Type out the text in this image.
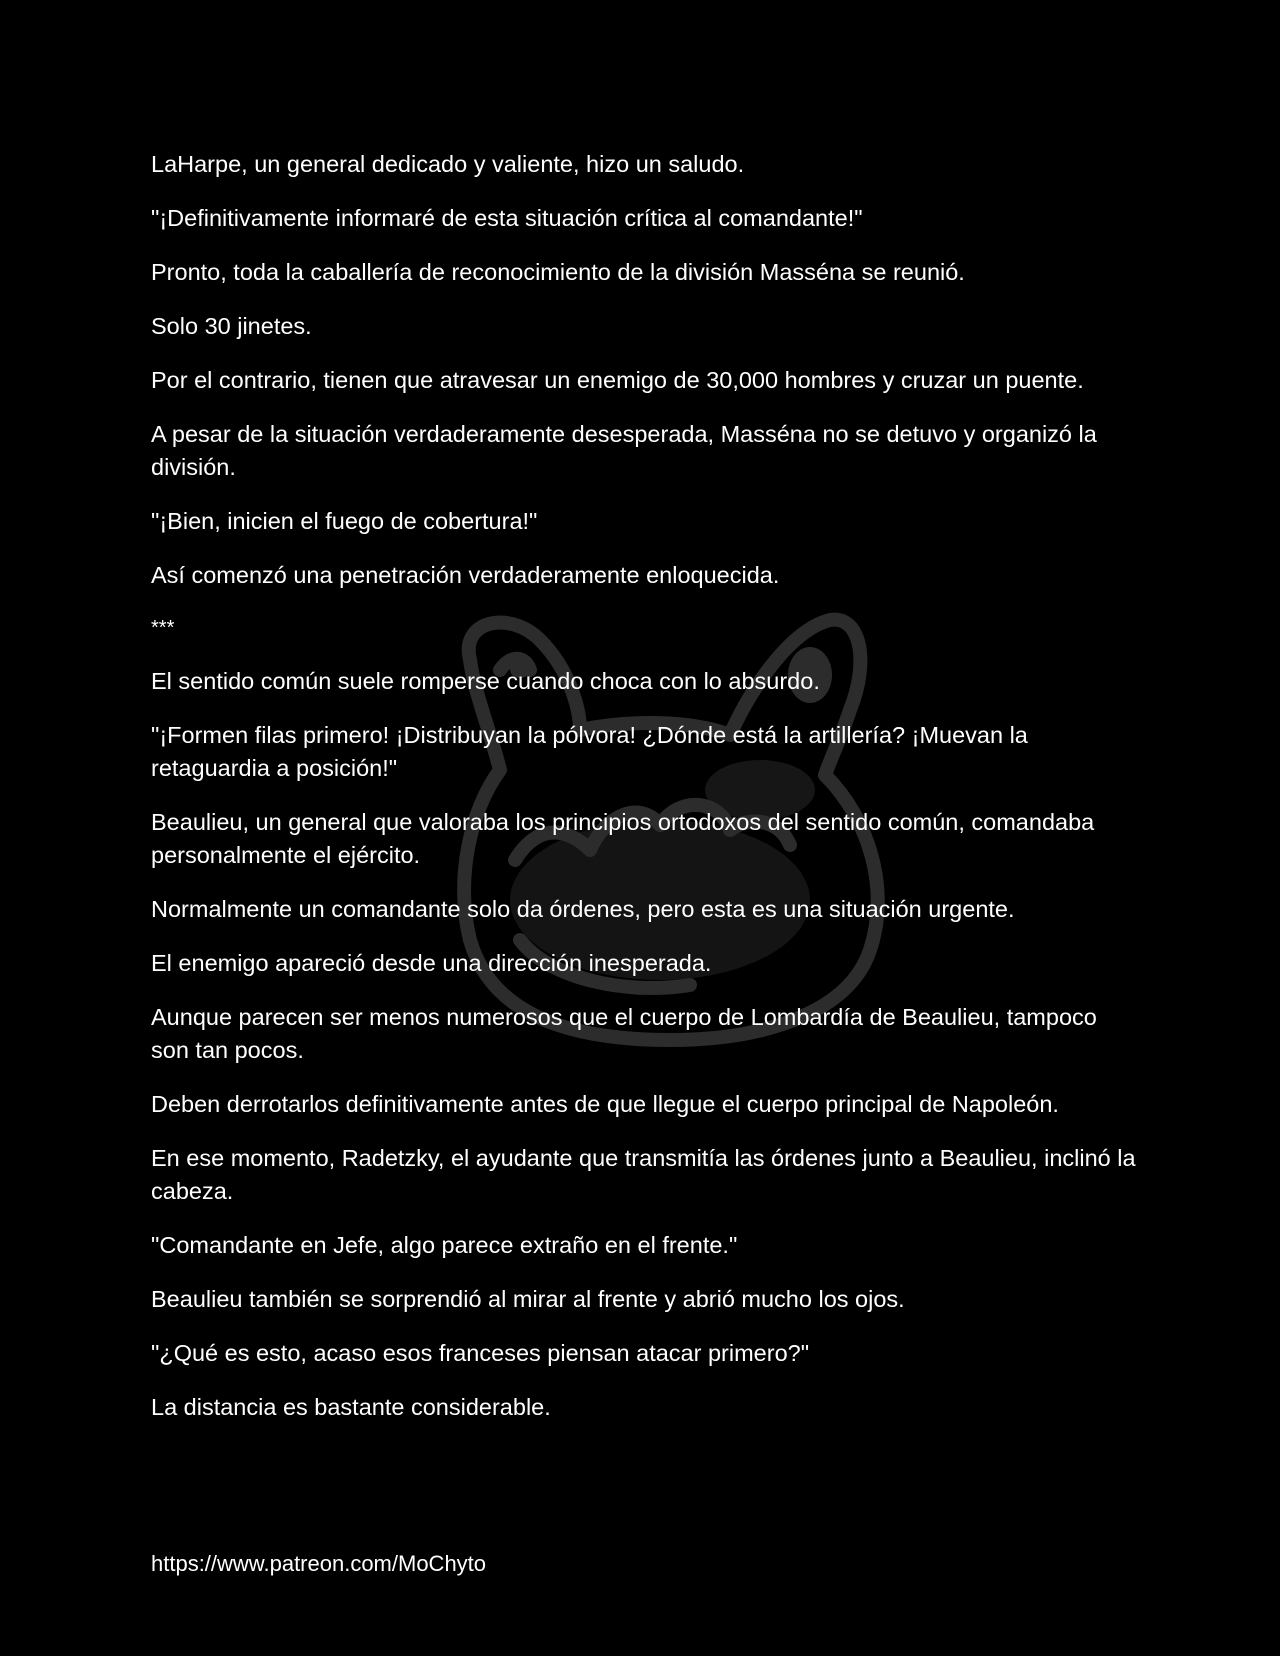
LaHarpe, un general dedicado y valiente, hizo un saludo.

"¡Definitivamente informaré de esta situación crítica al comandante!"

Pronto, toda la caballería de reconocimiento de la división Masséna se reunió.

Solo 30 jinetes.

Por el contrario, tienen que atravesar un enemigo de 30,000 hombres y cruzar un puente.

A pesar de la situación verdaderamente desesperada, Masséna no se detuvo y organizó la división.

"¡Bien, inicien el fuego de cobertura!"

Así comenzó una penetración verdaderamente enloquecida.

***

El sentido común suele romperse cuando choca con lo absurdo.

"¡Formen filas primero! ¡Distribuyan la pólvora! ¿Dónde está la artillería? ¡Muevan la retaguardia a posición!"

Beaulieu, un general que valoraba los principios ortodoxos del sentido común, comandaba personalmente el ejército.

Normalmente un comandante solo da órdenes, pero esta es una situación urgente.

El enemigo apareció desde una dirección inesperada.

Aunque parecen ser menos numerosos que el cuerpo de Lombardía de Beaulieu, tampoco son tan pocos.

Deben derrotarlos definitivamente antes de que llegue el cuerpo principal de Napoleón.

En ese momento, Radetzky, el ayudante que transmitía las órdenes junto a Beaulieu, inclinó la cabeza.

"Comandante en Jefe, algo parece extraño en el frente."

Beaulieu también se sorprendió al mirar al frente y abrió mucho los ojos.

"¿Qué es esto, acaso esos franceses piensan atacar primero?"

La distancia es bastante considerable.

https://www.patreon.com/MoChyto
